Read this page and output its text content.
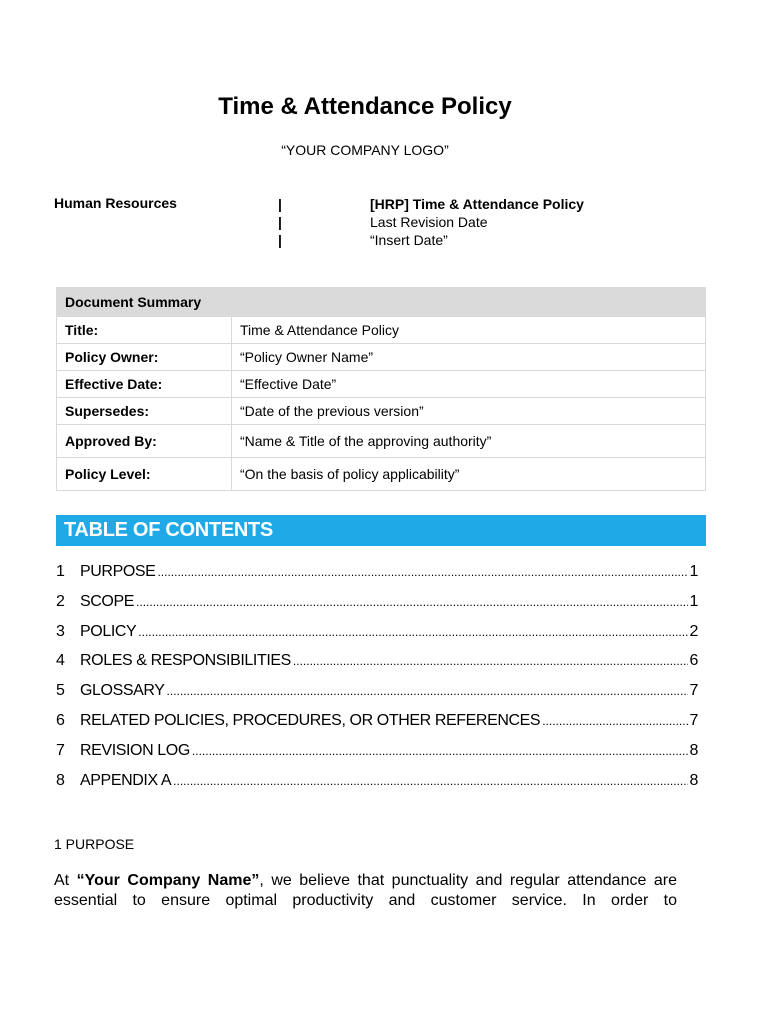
Time & Attendance Policy
“YOUR COMPANY LOGO”
Human Resources	|
|
|
[HRP] Time & Attendance Policy
Last Revision Date
“Insert Date”
Document Summary	
Title:	Time & Attendance Policy
Policy Owner:	“Policy Owner Name”
Effective Date:	“Effective Date”
Supersedes:	“Date of the previous version”
Approved By:	“Name & Title of the approving authority”
Policy Level:	“On the basis of policy applicability”
TABLE OF CONTENTS
1 PURPOSE .....	1
2 SCOPE .....	1
3 POLICY .....	2
4 ROLES & RESPONSIBILITIES .....	6
5 GLOSSARY .....	7
6 RELATED POLICIES, PROCEDURES, OR OTHER REFERENCES .....	7
7 REVISION LOG .....	8
8 APPENDIX A .....	8
1 PURPOSE
At “Your Company Name”, we believe that punctuality and regular attendance are essential to ensure optimal productivity and customer service. In order to
